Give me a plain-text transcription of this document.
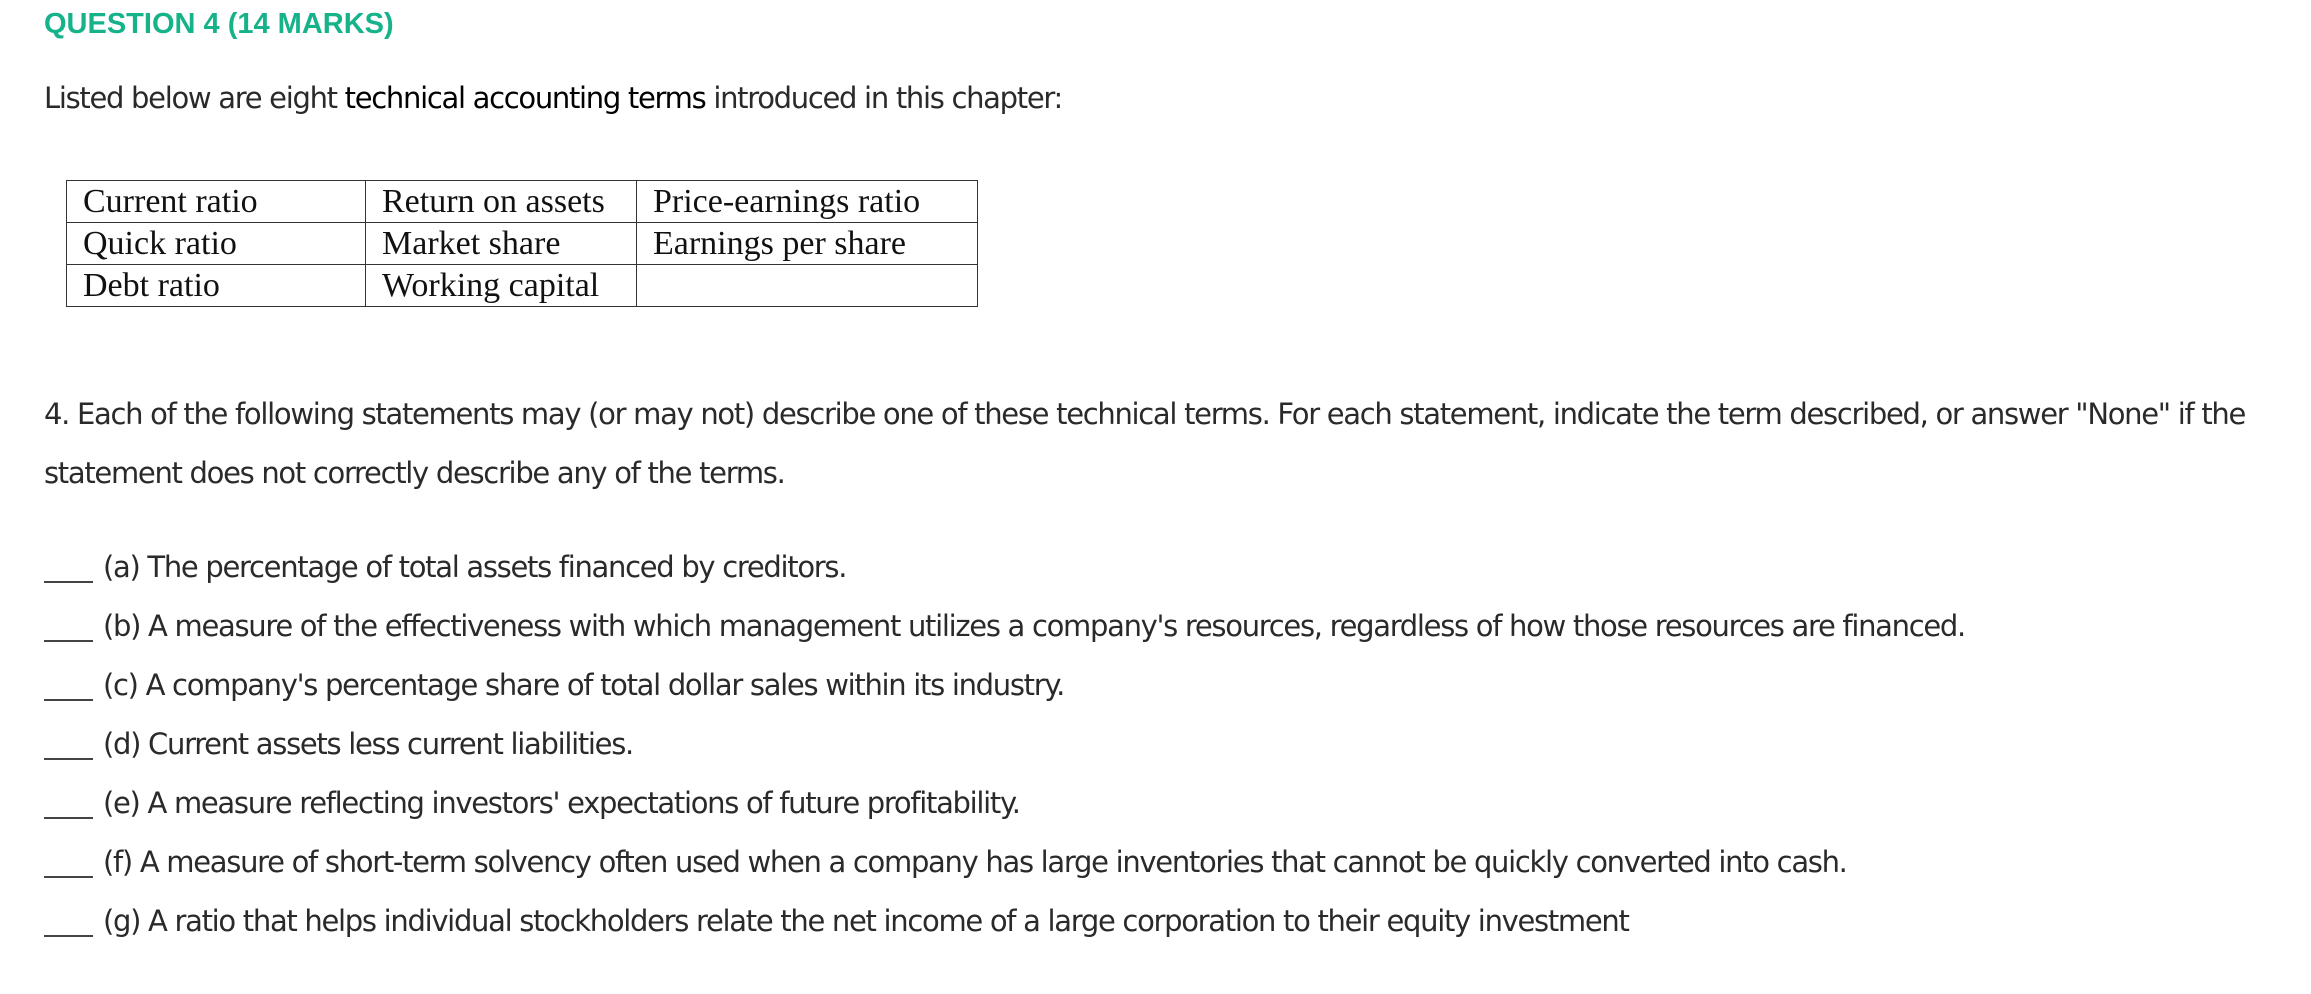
QUESTION 4 (14 MARKS)
Listed below are eight technical accounting terms introduced in this chapter:
Current ratio	Return on assets	Price-earnings ratio
Quick ratio	Market share	Earnings per share
Debt ratio	Working capital	
4. Each of the following statements may (or may not) describe one of these technical terms. For each statement, indicate the term described, or answer "None" if the statement does not correctly describe any of the terms.
(a) The percentage of total assets financed by creditors.
(b) A measure of the effectiveness with which management utilizes a company's resources, regardless of how those resources are financed.
(c) A company's percentage share of total dollar sales within its industry.
(d) Current assets less current liabilities.
(e) A measure reflecting investors' expectations of future profitability.
(f) A measure of short-term solvency often used when a company has large inventories that cannot be quickly converted into cash.
(g) A ratio that helps individual stockholders relate the net income of a large corporation to their equity investment
